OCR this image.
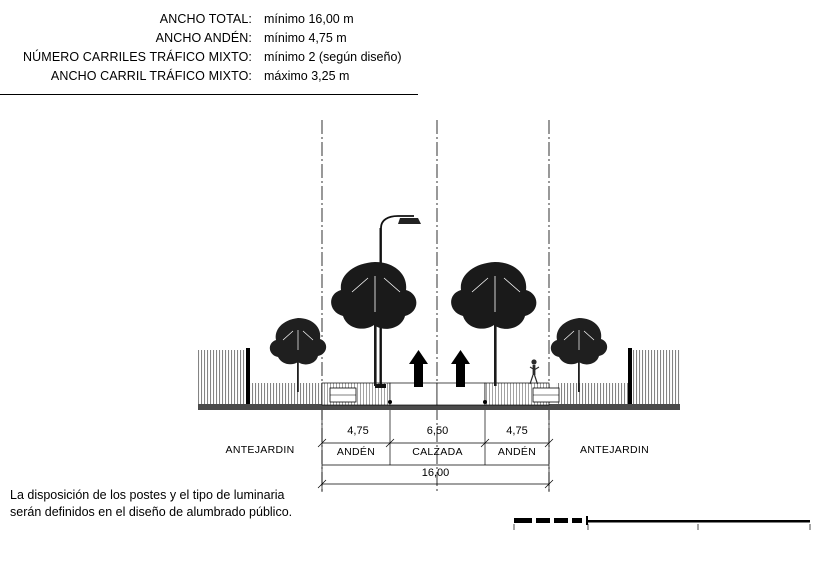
ANCHO TOTAL: mínimo 16,00 m
ANCHO ANDÉN: mínimo 4,75 m
NÚMERO CARRILES TRÁFICO MIXTO: mínimo 2 (según diseño)
ANCHO CARRIL TRÁFICO MIXTO: máximo 3,25 m
4,75	6,50	4,75
16,00
ANDÉN	CALZADA	ANDÉN
ANTEJARDIN	ANTEJARDIN
La disposición de los postes y el tipo de luminaria serán definidos en el diseño de alumbrado público.
